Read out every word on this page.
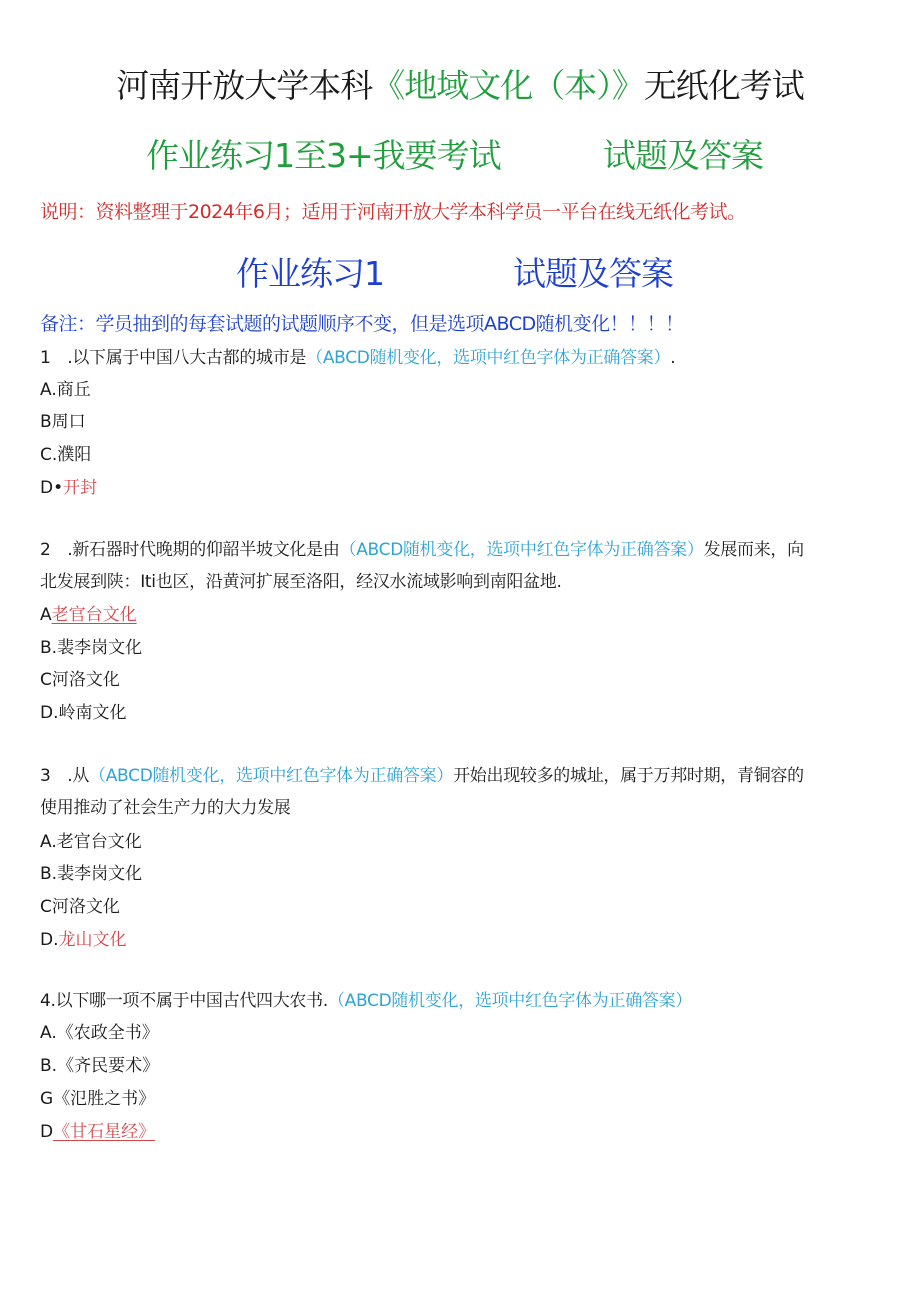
河南开放大学本科《地域文化（本）》无纸化考试
作业练习1至3+我要考试	试题及答案
说明：资料整理于2024年6月；适用于河南开放大学本科学员一平台在线无纸化考试。
作业练习1	试题及答案
备注：学员抽到的每套试题的试题顺序不变，但是选项ABCD随机变化！！！！
1　.以下属于中国八大古都的城市是（ABCD随机变化，选项中红色字体为正确答案）.
A.商丘
B周口
C.濮阳
D•开封
2　.新石器时代晚期的仰韶半坡文化是由（ABCD随机变化，选项中红色字体为正确答案）发展而来，向
北发展到陕：Iti也区，沿黄河扩展至洛阳，经汉水流域影响到南阳盆地.
A老官台文化
B.裴李岗文化
C河洛文化
D.岭南文化
3　.从（ABCD随机变化，选项中红色字体为正确答案）开始出现较多的城址，属于万邦时期，青铜容的
使用推动了社会生产力的大力发展
A.老官台文化
B.裴李岗文化
C河洛文化
D.龙山文化
4.以下哪一项不属于中国古代四大农书.（ABCD随机变化，选项中红色字体为正确答案）
A.《农政全书》
B.《齐民要术》
G《氾胜之书》
D《甘石星经》
